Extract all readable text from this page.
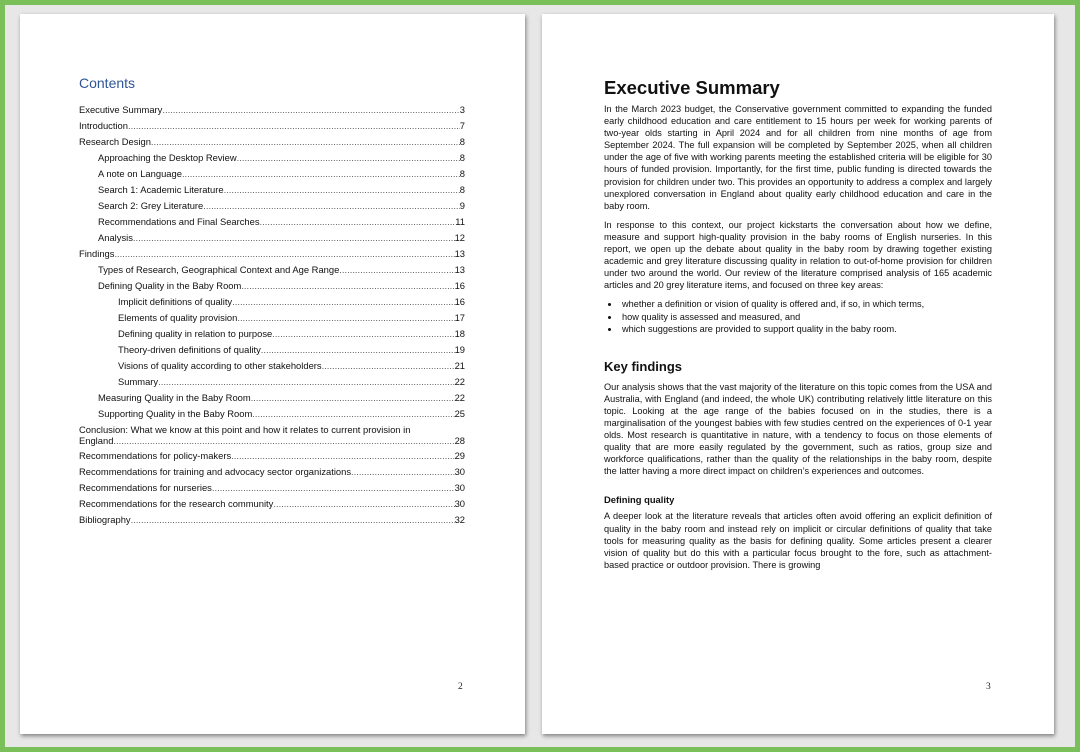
Contents
Executive Summary .....	3
Introduction .....	7
Research Design .....	8
Approaching the Desktop Review .....	8
A note on Language .....	8
Search 1: Academic Literature .....	8
Search 2: Grey Literature .....	9
Recommendations and Final Searches .....	11
Analysis .....	12
Findings .....	13
Types of Research, Geographical Context and Age Range .....	13
Defining Quality in the Baby Room .....	16
Implicit definitions of quality .....	16
Elements of quality provision .....	17
Defining quality in relation to purpose .....	18
Theory-driven definitions of quality .....	19
Visions of quality according to other stakeholders .....	21
Summary .....	22
Measuring Quality in the Baby Room .....	22
Supporting Quality in the Baby Room .....	25
Conclusion: What we know at this point and how it relates to current provision in
England .....	28
Recommendations for policy-makers .....	29
Recommendations for training and advocacy sector organizations .....	30
Recommendations for nurseries .....	30
Recommendations for the research community .....	30
Bibliography .....	32
2
Executive Summary

In the March 2023 budget, the Conservative government committed to expanding the funded early childhood education and care entitlement to 15 hours per week for working parents of two-year olds starting in April 2024 and for all children from nine months of age from September 2024. The full expansion will be completed by September 2025, when all children under the age of five with working parents meeting the established criteria will be eligible for 30 hours of funded provision. Importantly, for the first time, public funding is directed towards the provision for children under two. This provides an opportunity to address a complex and largely unexplored conversation in England about quality early childhood education and care in the baby room.

In response to this context, our project kickstarts the conversation about how we define, measure and support high-quality provision in the baby rooms of English nurseries. In this report, we open up the debate about quality in the baby room by drawing together existing academic and grey literature discussing quality in relation to out-of-home provision for children under two around the world. Our review of the literature comprised analysis of 165 academic articles and 20 grey literature items, and focused on three key areas:

• whether a definition or vision of quality is offered and, if so, in which terms,
• how quality is assessed and measured, and
• which suggestions are provided to support quality in the baby room.
Key findings

Our analysis shows that the vast majority of the literature on this topic comes from the USA and Australia, with England (and indeed, the whole UK) contributing relatively little literature on this topic. Looking at the age range of the babies focused on in the studies, there is a marginalisation of the youngest babies with few studies centred on the experiences of 0-1 year olds. Most research is quantitative in nature, with a tendency to focus on those elements of quality that are more easily regulated by the government, such as ratios, group size and workforce qualifications, rather than the quality of the relationships in the baby room, despite the latter having a more direct impact on children’s experiences and outcomes.

Defining quality

A deeper look at the literature reveals that articles often avoid offering an explicit definition of quality in the baby room and instead rely on implicit or circular definitions of quality that take tools for measuring quality as the basis for defining quality. Some articles present a clearer vision of quality but do this with a particular focus brought to the fore, such as attachment-based practice or outdoor provision. There is growing

3
